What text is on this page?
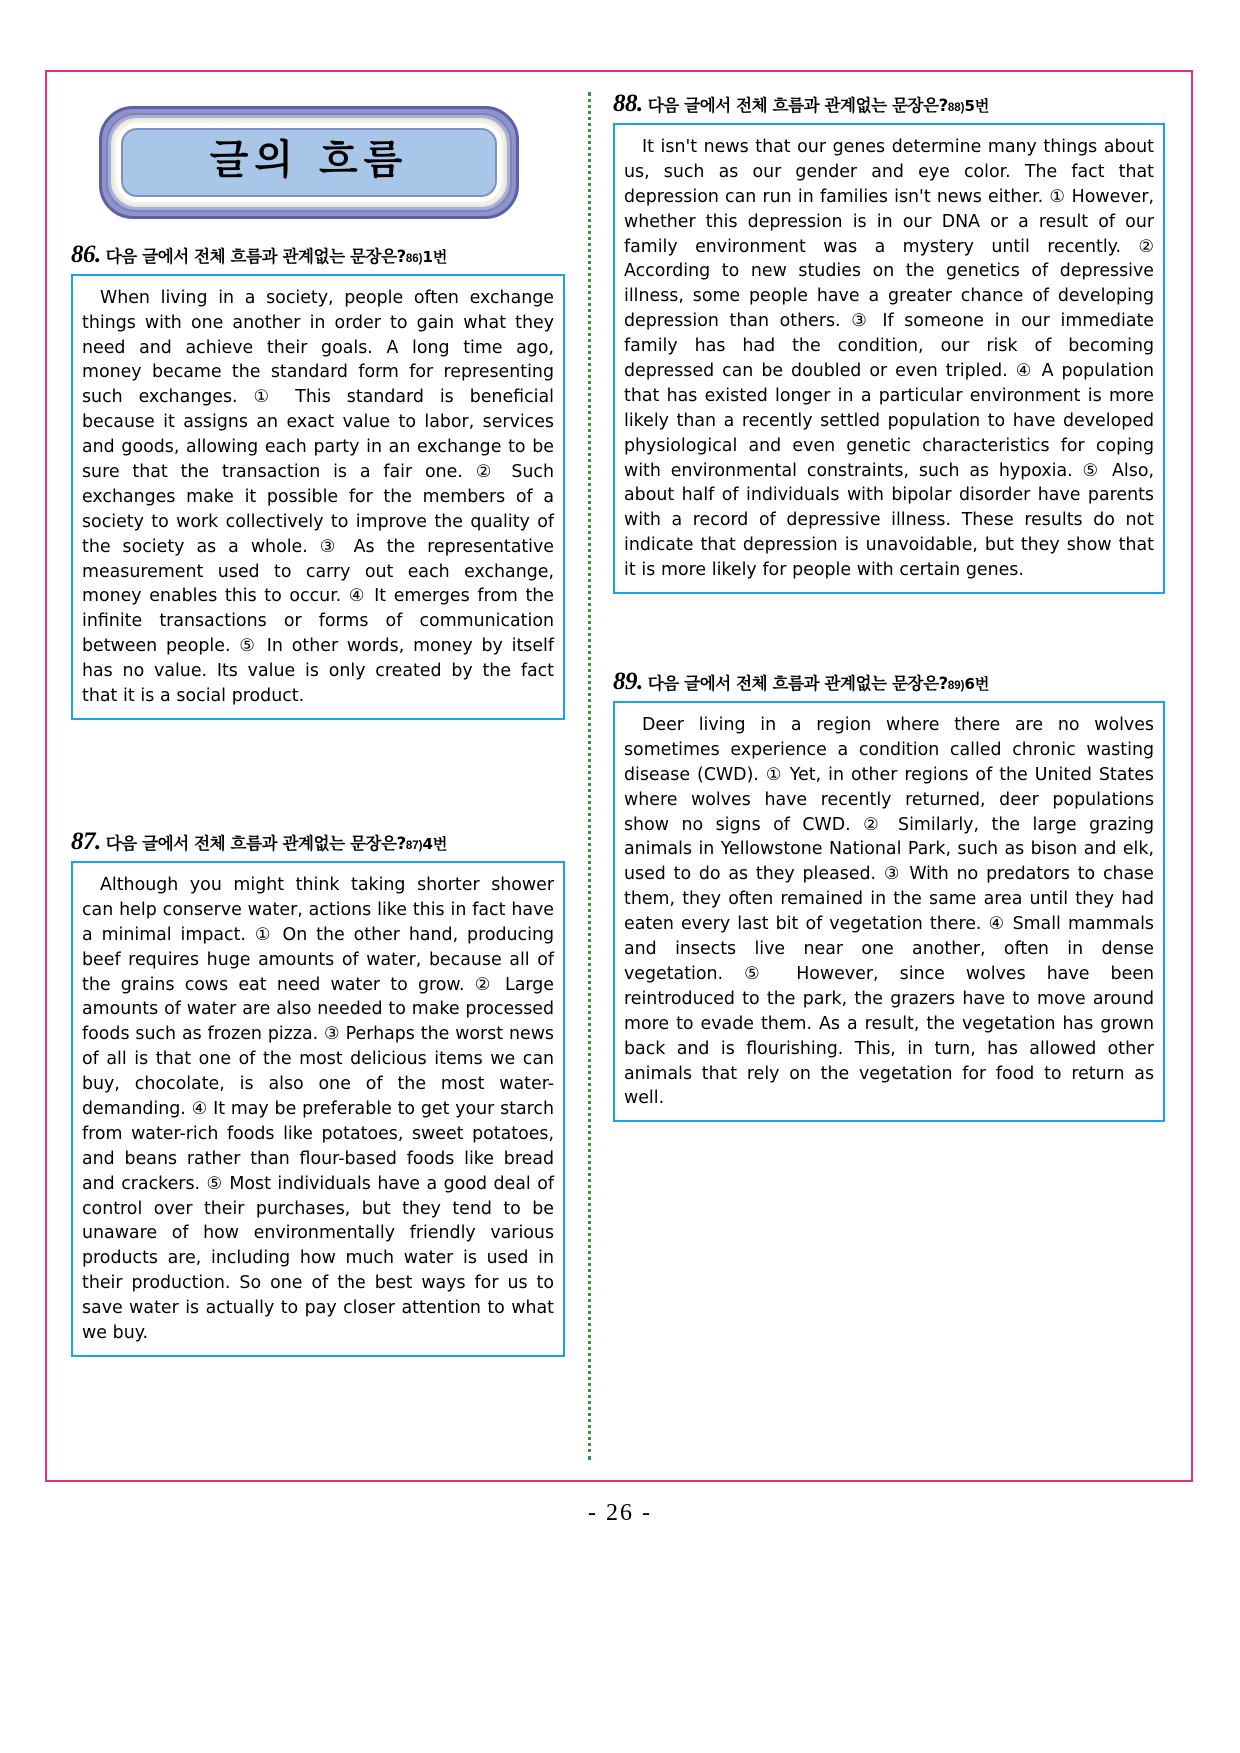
글의 흐름
86. 다음 글에서 전체 흐름과 관계없는 문장은? 86) 1번
When living in a society, people often exchange things with one another in order to gain what they need and achieve their goals. A long time ago, money became the standard form for representing such exchanges. ① This standard is beneficial because it assigns an exact value to labor, services and goods, allowing each party in an exchange to be sure that the transaction is a fair one. ② Such exchanges make it possible for the members of a society to work collectively to improve the quality of the society as a whole. ③ As the representative measurement used to carry out each exchange, money enables this to occur. ④ It emerges from the infinite transactions or forms of communication between people. ⑤ In other words, money by itself has no value. Its value is only created by the fact that it is a social product.
87. 다음 글에서 전체 흐름과 관계없는 문장은? 87) 4번
Although you might think taking shorter shower can help conserve water, actions like this in fact have a minimal impact. ① On the other hand, producing beef requires huge amounts of water, because all of the grains cows eat need water to grow. ② Large amounts of water are also needed to make processed foods such as frozen pizza. ③ Perhaps the worst news of all is that one of the most delicious items we can buy, chocolate, is also one of the most water-demanding. ④ It may be preferable to get your starch from water-rich foods like potatoes, sweet potatoes, and beans rather than flour-based foods like bread and crackers. ⑤ Most individuals have a good deal of control over their purchases, but they tend to be unaware of how environmentally friendly various products are, including how much water is used in their production. So one of the best ways for us to save water is actually to pay closer attention to what we buy.
88. 다음 글에서 전체 흐름과 관계없는 문장은? 88) 5번
It isn't news that our genes determine many things about us, such as our gender and eye color. The fact that depression can run in families isn't news either. ① However, whether this depression is in our DNA or a result of our family environment was a mystery until recently. ② According to new studies on the genetics of depressive illness, some people have a greater chance of developing depression than others. ③ If someone in our immediate family has had the condition, our risk of becoming depressed can be doubled or even tripled. ④ A population that has existed longer in a particular environment is more likely than a recently settled population to have developed physiological and even genetic characteristics for coping with environmental constraints, such as hypoxia. ⑤ Also, about half of individuals with bipolar disorder have parents with a record of depressive illness. These results do not indicate that depression is unavoidable, but they show that it is more likely for people with certain genes.
89. 다음 글에서 전체 흐름과 관계없는 문장은? 89) 6번
Deer living in a region where there are no wolves sometimes experience a condition called chronic wasting disease (CWD). ① Yet, in other regions of the United States where wolves have recently returned, deer populations show no signs of CWD. ② Similarly, the large grazing animals in Yellowstone National Park, such as bison and elk, used to do as they pleased. ③ With no predators to chase them, they often remained in the same area until they had eaten every last bit of vegetation there. ④ Small mammals and insects live near one another, often in dense vegetation. ⑤ However, since wolves have been reintroduced to the park, the grazers have to move around more to evade them. As a result, the vegetation has grown back and is flourishing. This, in turn, has allowed other animals that rely on the vegetation for food to return as well.
- 26 -
